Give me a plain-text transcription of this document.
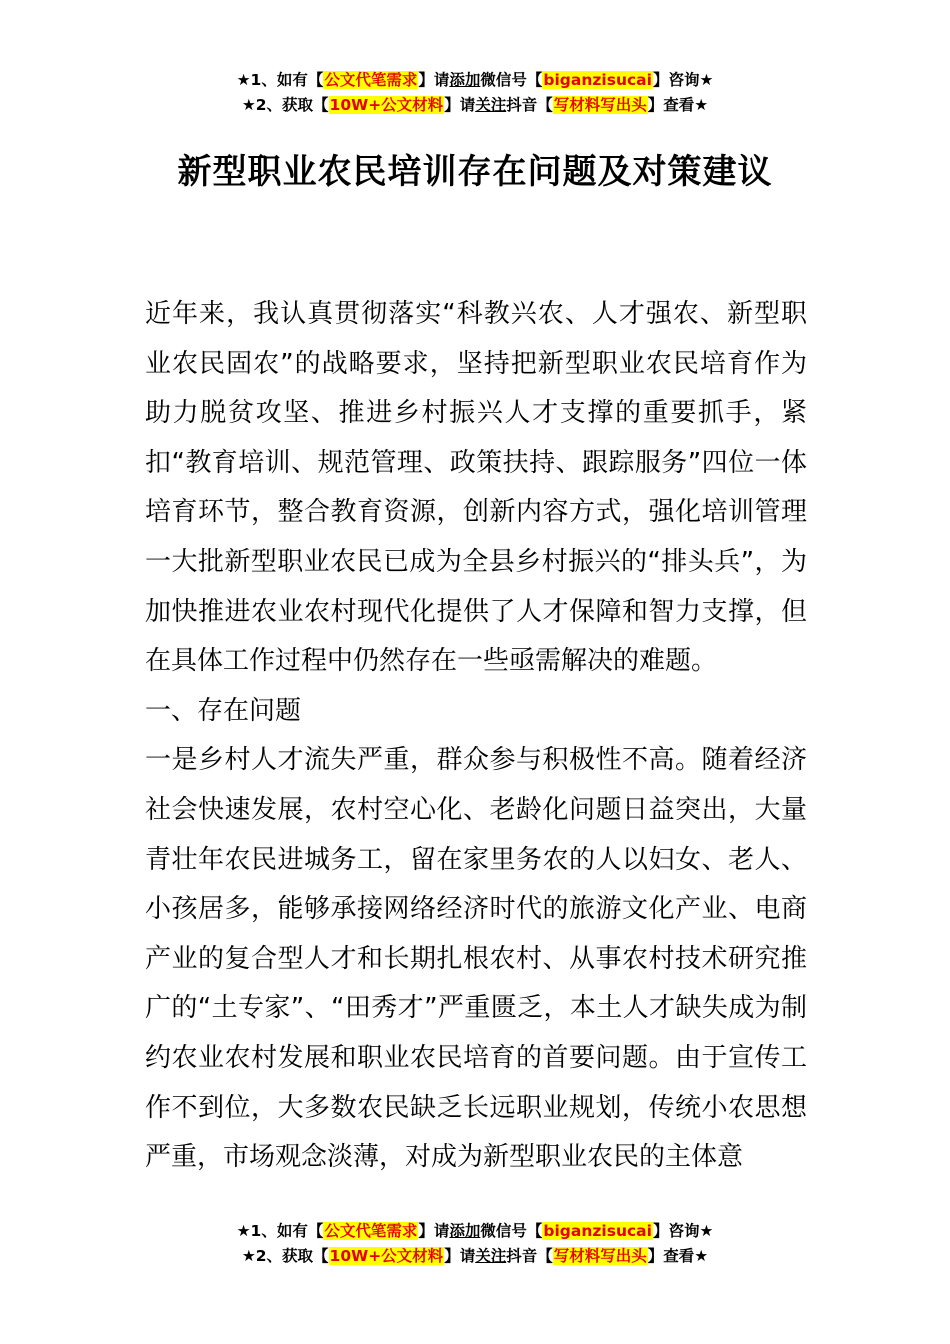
★1、如有【公文代笔需求】请添加微信号【biganzisucai】咨询★
★2、获取【10W+公文材料】请关注抖音【写材料写出头】查看★
新型职业农民培训存在问题及对策建议

近年来，我认真贯彻落实“科教兴农、人才强农、新型职业农民固农”的战略要求，坚持把新型职业农民培育作为助力脱贫攻坚、推进乡村振兴人才支撑的重要抓手，紧扣“教育培训、规范管理、政策扶持、跟踪服务”四位一体培育环节，整合教育资源，创新内容方式，强化培训管理一大批新型职业农民已成为全县乡村振兴的“排头兵”，为加快推进农业农村现代化提供了人才保障和智力支撑，但在具体工作过程中仍然存在一些亟需解决的难题。

一、存在问题

一是乡村人才流失严重，群众参与积极性不高。随着经济社会快速发展，农村空心化、老龄化问题日益突出，大量青壮年农民进城务工，留在家里务农的人以妇女、老人、小孩居多，能够承接网络经济时代的旅游文化产业、电商产业的复合型人才和长期扎根农村、从事农村技术研究推广的“土专家”、“田秀才”严重匮乏，本土人才缺失成为制约农业农村发展和职业农民培育的首要问题。由于宣传工作不到位，大多数农民缺乏长远职业规划，传统小农思想严重，市场观念淡薄，对成为新型职业农民的主体意

★1、如有【公文代笔需求】请添加微信号【biganzisucai】咨询★
★2、获取【10W+公文材料】请关注抖音【写材料写出头】查看★
